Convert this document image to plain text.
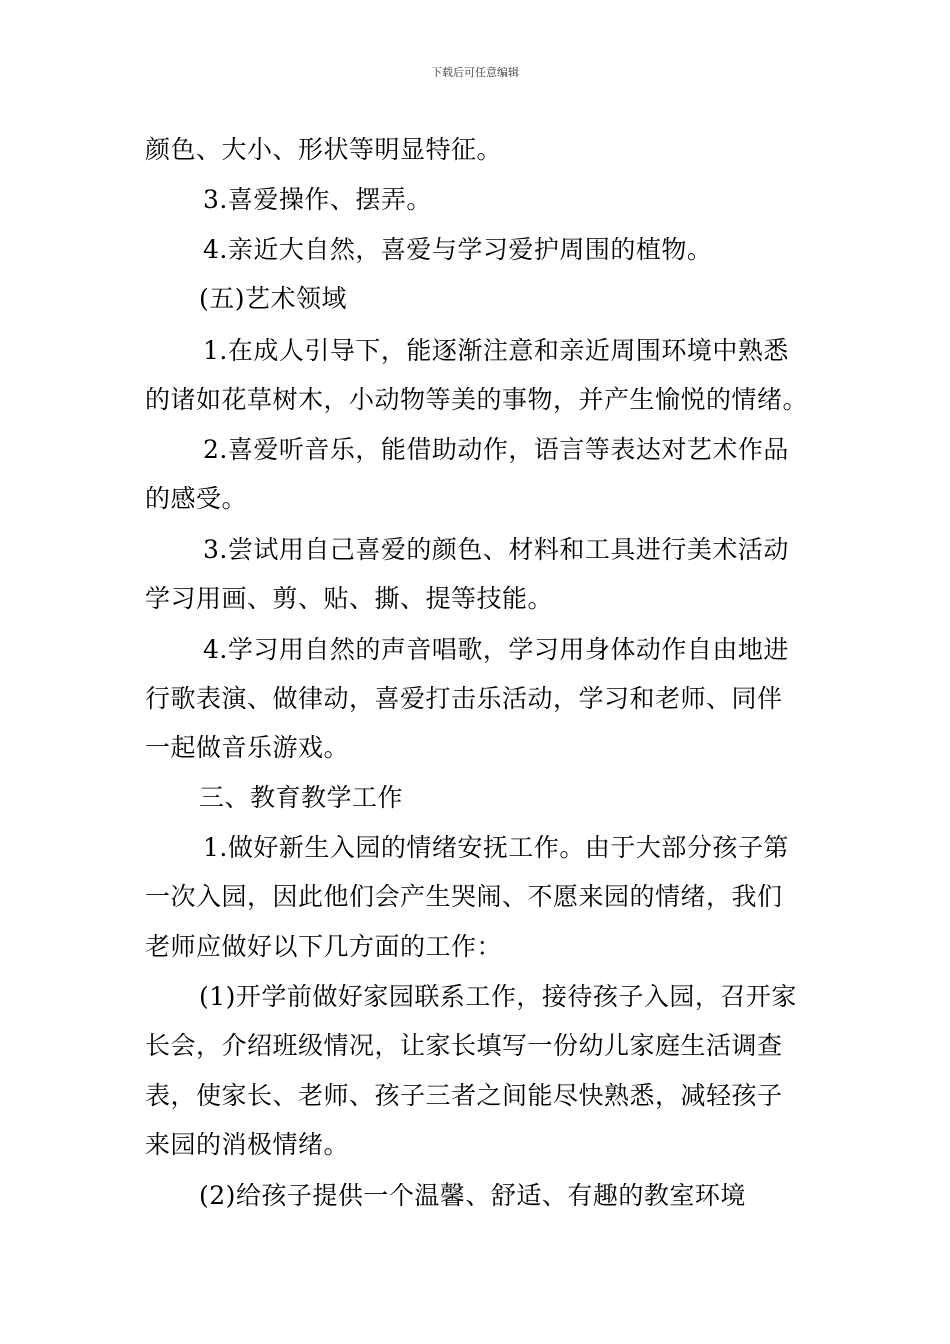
下载后可任意编辑
颜色、大小、形状等明显特征。
3.喜爱操作、摆弄。
4.亲近大自然，喜爱与学习爱护周围的植物。
(五)艺术领域
1.在成人引导下，能逐渐注意和亲近周围环境中熟悉
的诸如花草树木，小动物等美的事物，并产生愉悦的情绪。
2.喜爱听音乐，能借助动作，语言等表达对艺术作品
的感受。
3.尝试用自己喜爱的颜色、材料和工具进行美术活动
学习用画、剪、贴、撕、提等技能。
4.学习用自然的声音唱歌，学习用身体动作自由地进
行歌表演、做律动，喜爱打击乐活动，学习和老师、同伴
一起做音乐游戏。
三、教育教学工作
1.做好新生入园的情绪安抚工作。由于大部分孩子第
一次入园，因此他们会产生哭闹、不愿来园的情绪，我们
老师应做好以下几方面的工作：
(1)开学前做好家园联系工作，接待孩子入园，召开家
长会，介绍班级情况，让家长填写一份幼儿家庭生活调查
表，使家长、老师、孩子三者之间能尽快熟悉，减轻孩子
来园的消极情绪。
(2)给孩子提供一个温馨、舒适、有趣的教室环境
